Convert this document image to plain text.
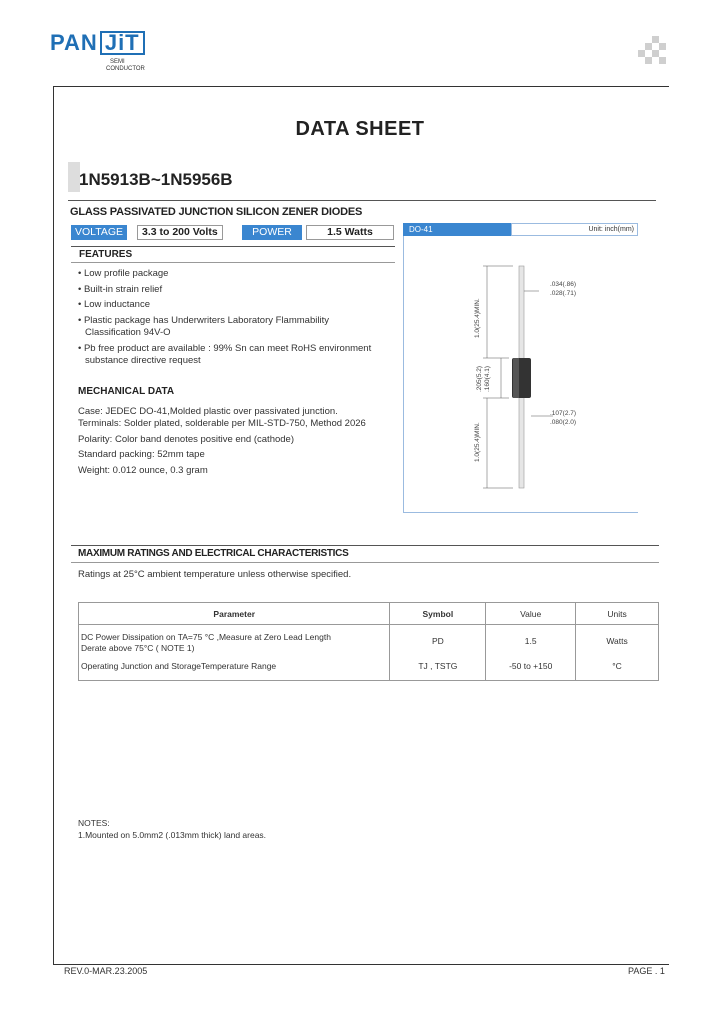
PAN JiT
SEMI
CONDUCTOR
DATA SHEET
1N5913B~1N5956B
GLASS PASSIVATED JUNCTION SILICON ZENER DIODES
VOLTAGE	3.3 to 200 Volts	POWER	1.5 Watts
FEATURES
• Low profile package
• Built-in strain relief
• Low inductance
• Plastic package has Underwriters Laboratory Flammability
Classification 94V-O
• Pb free product are available : 99% Sn can meet RoHS environment
substance directive request
MECHANICAL DATA
Case: JEDEC DO-41,Molded plastic over passivated junction.
Terminals: Solder plated, solderable per MIL-STD-750, Method 2026
Polarity: Color band denotes positive end (cathode)
Standard packing: 52mm tape
Weight: 0.012 ounce, 0.3 gram
DO-41	Unit: inch(mm)
.034(.86)
.028(.71)
.107(2.7)
.080(2.0)
1.0(25.4)MIN.
1.0(25.4)MIN.
.205(5.2) .160(4.1)
MAXIMUM RATINGS AND ELECTRICAL CHARACTERISTICS
Ratings at 25°C ambient temperature unless otherwise specified.
Parameter	Symbol	Value	Units

DC Power Dissipation on TA=75 °C ,Measure at Zero Lead Length
Derate above 75°C ( NOTE 1)	PD	1.5	Watts
Operating Junction and StorageTemperature Range	TJ , TSTG	-50 to +150	°C
NOTES:
1.Mounted on 5.0mm2 (.013mm thick) land areas.
REV.0-MAR.23.2005	PAGE . 1
